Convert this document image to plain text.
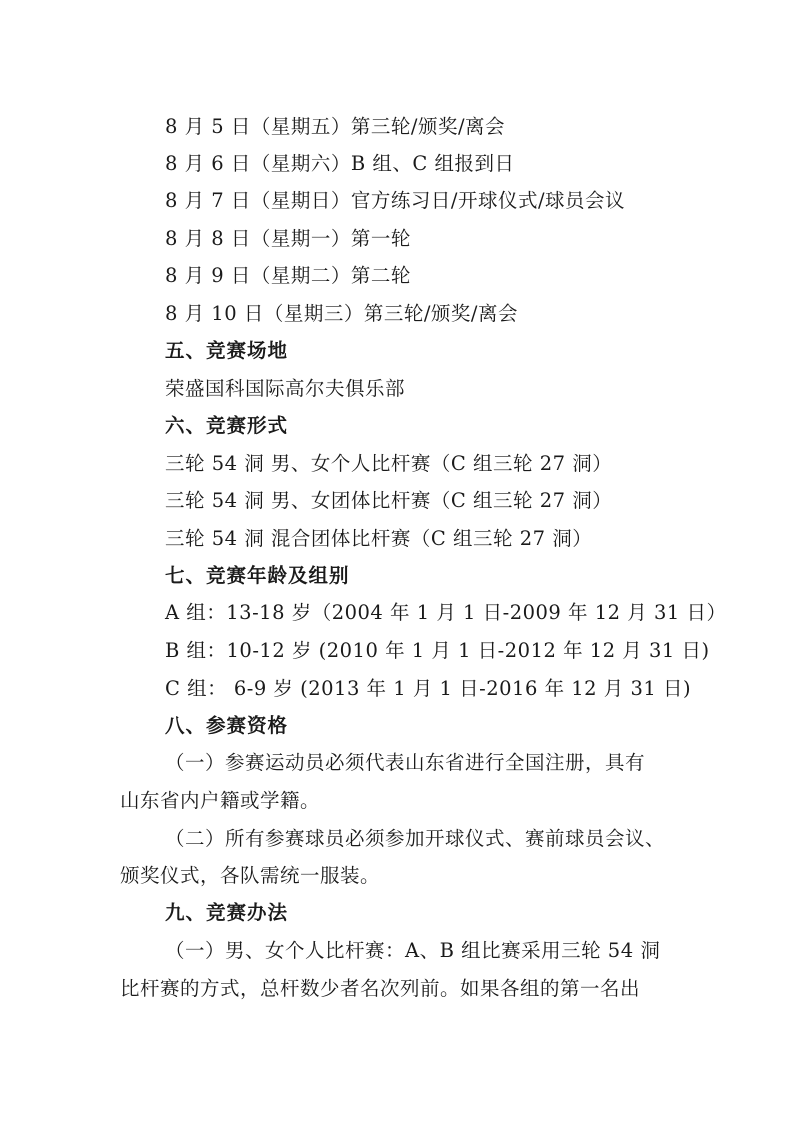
8 月 5 日（星期五）第三轮/颁奖/离会
8 月 6 日（星期六）B 组、C 组报到日
8 月 7 日（星期日）官方练习日/开球仪式/球员会议
8 月 8 日（星期一）第一轮
8 月 9 日（星期二）第二轮
8 月 10 日（星期三）第三轮/颁奖/离会
五、竞赛场地
荣盛国科国际高尔夫俱乐部
六、竞赛形式
三轮 54 洞 男、女个人比杆赛（C 组三轮 27 洞）
三轮 54 洞 男、女团体比杆赛（C 组三轮 27 洞）
三轮 54 洞 混合团体比杆赛（C 组三轮 27 洞）
七、竞赛年龄及组别
A 组：13-18 岁（2004 年 1 月 1 日-2009 年 12 月 31 日）
B 组：10-12 岁 (2010 年 1 月 1 日-2012 年 12 月 31 日)
C 组： 6-9 岁 (2013 年 1 月 1 日-2016 年 12 月 31 日)
八、参赛资格
（一）参赛运动员必须代表山东省进行全国注册，具有
山东省内户籍或学籍。
（二）所有参赛球员必须参加开球仪式、赛前球员会议、
颁奖仪式，各队需统一服装。
九、竞赛办法
（一）男、女个人比杆赛：A、B 组比赛采用三轮 54 洞
比杆赛的方式，总杆数少者名次列前。如果各组的第一名出
